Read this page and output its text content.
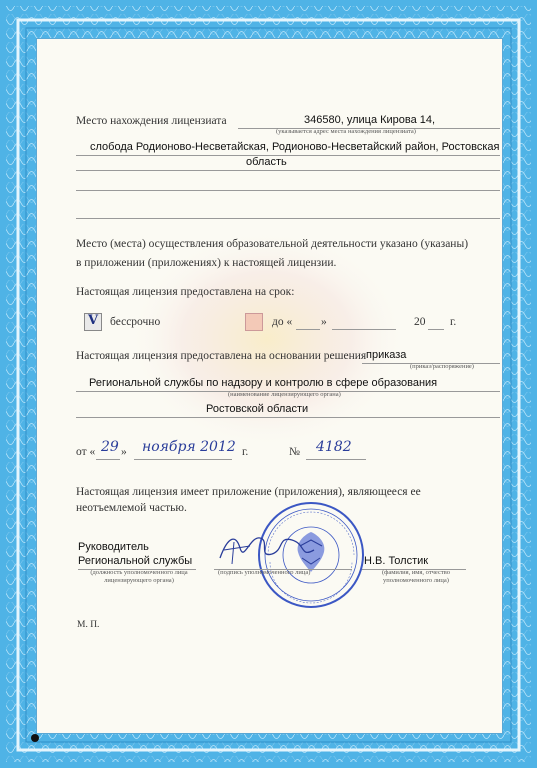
Место нахождения лицензиата	346580, улица Кирова 14,
(указывается адрес места нахождения лицензиата)
слобода Родионово-Несветайская, Родионово-Несветайский район, Ростовская
область
Место (места) осуществления образовательной деятельности указано (указаны)
в приложении (приложениях) к настоящей лицензии.
Настоящая лицензия предоставлена на срок:
V бессрочно	до «	»	20 г.
Настоящая лицензия предоставлена на основании решения приказа
(приказ/распоряжение)
Региональной службы по надзору и контролю в сфере образования
(наименование лицензирующего органа)
Ростовской области
от « 29 » ноября 2012 г.	№ 4182
Настоящая лицензия имеет приложение (приложения), являющееся ее
неотъемлемой частью.
Руководитель
Региональной службы
(должность уполномоченного лица лицензирующего органа)
(подпись уполномоченного лица)
Н.В. Толстик
(фамилия, имя, отчество уполномоченного лица)
М. П.
